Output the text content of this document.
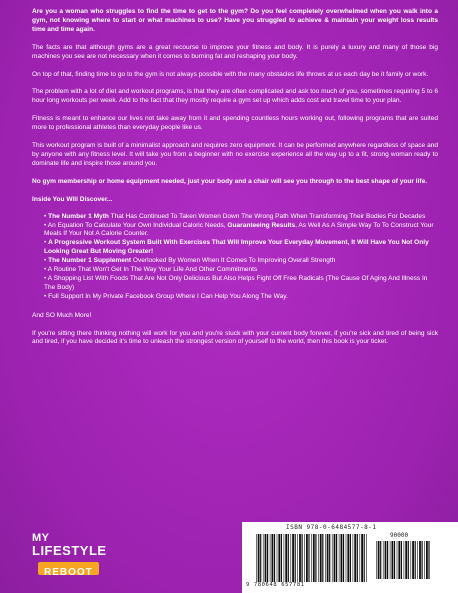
Are you a woman who struggles to find the time to get to the gym? Do you feel completely overwhelmed when you walk into a gym, not knowing where to start or what machines to use? Have you struggled to achieve & maintain your weight loss results time and time again.

The facts are that although gyms are a great recourse to improve your fitness and body. It is purely a luxury and many of those big machines you see are not necessary when it comes to burning fat and reshaping your body.

On top of that, finding time to go to the gym is not always possible with the many obstacles life throws at us each day be it family or work.

The problem with a lot of diet and workout programs, is that they are often complicated and ask too much of you, sometimes requiring 5 to 6 hour long workouts per week. Add to the fact that they mostly require a gym set up which adds cost and travel time to your plan.

Fitness is meant to enhance our lives not take away from it and spending countless hours working out, following programs that are suited more to professional athletes than everyday people like us.

This workout program is built of a minimalist approach and requires zero equipment. It can be performed anywhere regardless of space and by anyone with any fitness level. It will take you from a beginner with no exercise experience all the way up to a fit, strong woman ready to dominate life and inspire those around you.

No gym membership or home equipment needed, just your body and a chair will see you through to the best shape of your life.

Inside You Will Discover...

• The Number 1 Myth That Has Continued To Taken Women Down The Wrong Path When Transforming Their Bodies For Decades
• An Equation To Calculate Your Own Individual Caloric Needs, Guaranteeing Results, As Well As A Simple Way To To Construct Your Meals If Your Not A Calorie Counter.
• A Progressive Workout System Built With Exercises That Will Improve Your Everyday Movement, It Will Have You Not Only Looking Great But Moving Greater!
• The Number 1 Supplement Overlooked By Women When It Comes To Improving Overall Strength
• A Routine That Won't Get In The Way Your Life And Other Commitments
• A Shopping List With Foods That Are Not Only Delicious But Also Helps Fight Off Free Radicals (The Cause Of Aging And Illness In The Body)
• Full Support In My Private Facebook Group Where I Can Help You Along The Way.

And SO Much More!

If you're sitting there thinking nothing will work for you and you're stuck with your current body forever, if you're sick and tired of being sick and tired, if you have decided it's time to unleash the strongest version of yourself to the world, then this book is your ticket.

MY
LIFESTYLE
REBOOT
ISBN 978-0-6484577-8-1
90000
9 780648 657781
